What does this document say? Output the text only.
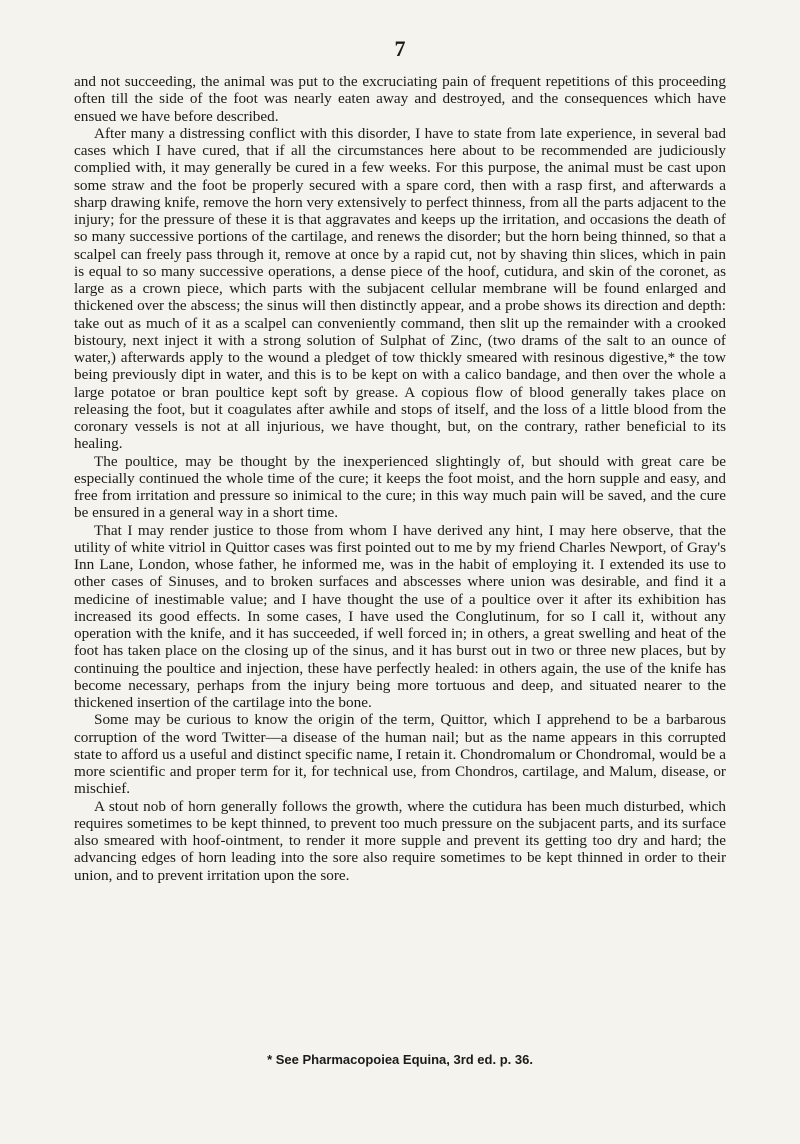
7

and not succeeding, the animal was put to the excruciating pain of frequent repetitions of this proceeding often till the side of the foot was nearly eaten away and destroyed, and the consequences which have ensued we have before described.

After many a distressing conflict with this disorder, I have to state from late experience, in several bad cases which I have cured, that if all the circumstances here about to be recommended are judiciously complied with, it may generally be cured in a few weeks. For this purpose, the animal must be cast upon some straw and the foot be properly secured with a spare cord, then with a rasp first, and afterwards a sharp drawing knife, remove the horn very extensively to perfect thinness, from all the parts adjacent to the injury; for the pressure of these it is that aggravates and keeps up the irritation, and occasions the death of so many successive portions of the cartilage, and renews the disorder; but the horn being thinned, so that a scalpel can freely pass through it, remove at once by a rapid cut, not by shaving thin slices, which in pain is equal to so many successive operations, a dense piece of the hoof, cutidura, and skin of the coronet, as large as a crown piece, which parts with the subjacent cellular membrane will be found enlarged and thickened over the abscess; the sinus will then distinctly appear, and a probe shows its direction and depth: take out as much of it as a scalpel can conveniently command, then slit up the remainder with a crooked bistoury, next inject it with a strong solution of Sulphat of Zinc, (two drams of the salt to an ounce of water,) afterwards apply to the wound a pledget of tow thickly smeared with resinous digestive,* the tow being previously dipt in water, and this is to be kept on with a calico bandage, and then over the whole a large potatoe or bran poultice kept soft by grease. A copious flow of blood generally takes place on releasing the foot, but it coagulates after awhile and stops of itself, and the loss of a little blood from the coronary vessels is not at all injurious, we have thought, but, on the contrary, rather beneficial to its healing.

The poultice, may be thought by the inexperienced slightingly of, but should with great care be especially continued the whole time of the cure; it keeps the foot moist, and the horn supple and easy, and free from irritation and pressure so inimical to the cure; in this way much pain will be saved, and the cure be ensured in a general way in a short time.

That I may render justice to those from whom I have derived any hint, I may here observe, that the utility of white vitriol in Quittor cases was first pointed out to me by my friend Charles Newport, of Gray's Inn Lane, London, whose father, he informed me, was in the habit of employing it. I extended its use to other cases of Sinuses, and to broken surfaces and abscesses where union was desirable, and find it a medicine of inestimable value; and I have thought the use of a poultice over it after its exhibition has increased its good effects. In some cases, I have used the Conglutinum, for so I call it, without any operation with the knife, and it has succeeded, if well forced in; in others, a great swelling and heat of the foot has taken place on the closing up of the sinus, and it has burst out in two or three new places, but by continuing the poultice and injection, these have perfectly healed: in others again, the use of the knife has become necessary, perhaps from the injury being more tortuous and deep, and situated nearer to the thickened insertion of the cartilage into the bone.

Some may be curious to know the origin of the term, Quittor, which I apprehend to be a barbarous corruption of the word Twitter—a disease of the human nail; but as the name appears in this corrupted state to afford us a useful and distinct specific name, I retain it. Chondromalum or Chondromal, would be a more scientific and proper term for it, for technical use, from Chondros, cartilage, and Malum, disease, or mischief.

A stout nob of horn generally follows the growth, where the cutidura has been much disturbed, which requires sometimes to be kept thinned, to prevent too much pressure on the subjacent parts, and its surface also smeared with hoof-ointment, to render it more supple and prevent its getting too dry and hard; the advancing edges of horn leading into the sore also require sometimes to be kept thinned in order to their union, and to prevent irritation upon the sore.

* See Pharmacopoiea Equina, 3rd ed. p. 36.
